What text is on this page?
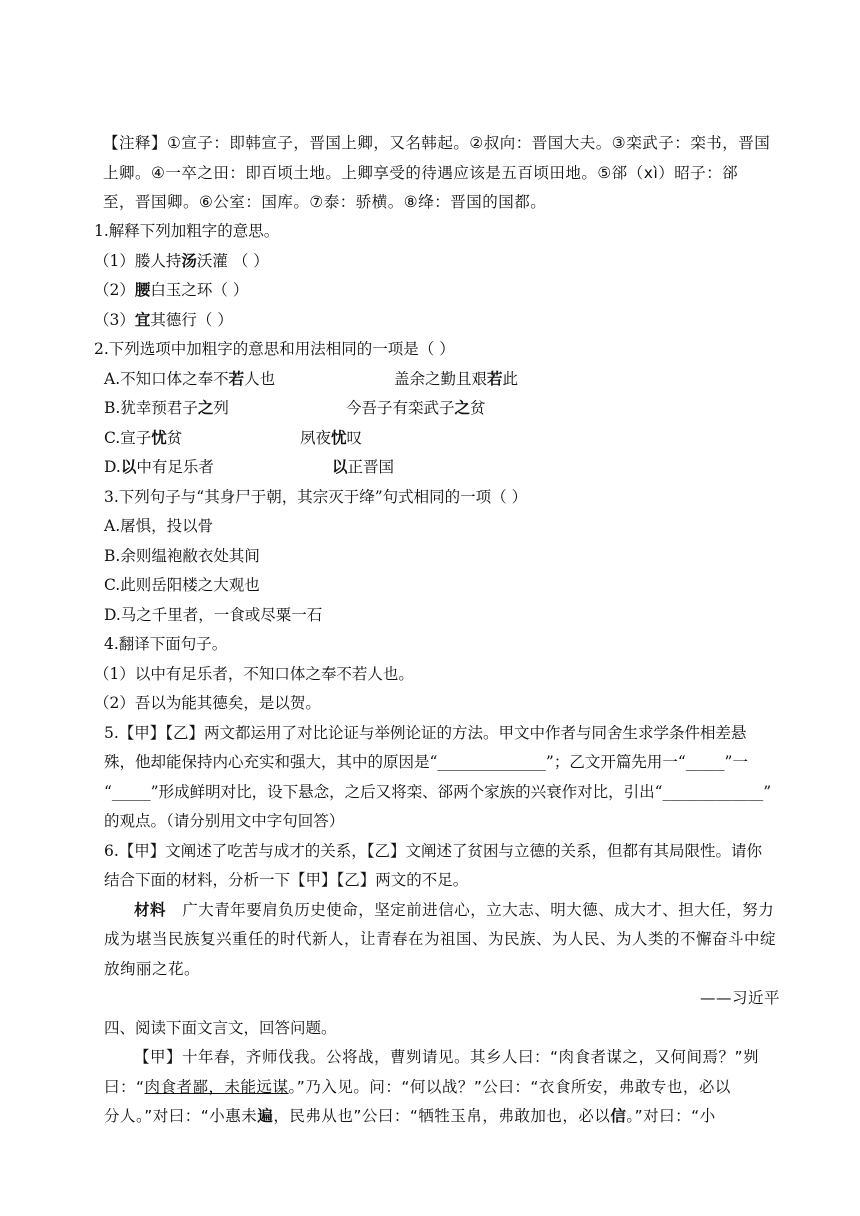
【注释】①宣子：即韩宣子，晋国上卿，又名韩起。②叔向：晋国大夫。③栾武子：栾书，晋国
上卿。④一卒之田：即百顷土地。上卿享受的待遇应该是五百顷田地。⑤郤（xì）昭子：郤
至，晋国卿。⑥公室：国库。⑦泰：骄横。⑧绛：晋国的国都。
1.解释下列加粗字的意思。
（1）媵人持汤沃灌 （ ）
（2）腰白玉之环（ ）
（3）宜其德行（ ）
2.下列选项中加粗字的意思和用法相同的一项是（ ）
A.不知口体之奉不若人也	盖余之勤且艰若此
B.犹幸预君子之列	今吾子有栾武子之贫
C.宣子忧贫	夙夜忧叹
D.以中有足乐者	以正晋国
3.下列句子与“其身尸于朝，其宗灭于绛”句式相同的一项（ ）
A.屠惧，投以骨
B.余则缊袍敝衣处其间
C.此则岳阳楼之大观也
D.马之千里者，一食或尽粟一石
4.翻译下面句子。
（1）以中有足乐者，不知口体之奉不若人也。
（2）吾以为能其德矣，是以贺。
5.【甲】【乙】两文都运用了对比论证与举例论证的方法。甲文中作者与同舍生求学条件相差悬
殊，他却能保持内心充实和强大，其中的原因是“______________”；乙文开篇先用一“_____”一
“_____”形成鲜明对比，设下悬念，之后又将栾、郤两个家族的兴衰作对比，引出“_____________”
的观点。（请分别用文中字句回答）
6.【甲】文阐述了吃苦与成才的关系，【乙】文阐述了贫困与立德的关系，但都有其局限性。请你
结合下面的材料，分析一下【甲】【乙】两文的不足。
材料 广大青年要肩负历史使命，坚定前进信心，立大志、明大德、成大才、担大任，努力
成为堪当民族复兴重任的时代新人，让青春在为祖国、为民族、为人民、为人类的不懈奋斗中绽
放绚丽之花。
——习近平
四、阅读下面文言文，回答问题。
【甲】十年春，齐师伐我。公将战，曹刿请见。其乡人曰：“肉食者谋之，又何间焉？”刿
曰：“肉食者鄙，未能远谋。”乃入见。问：“何以战？”公曰：“衣食所安，弗敢专也，必以
分人。”对曰：“小惠未遍，民弗从也”公曰：“牺牲玉帛，弗敢加也，必以信。”对曰：“小
